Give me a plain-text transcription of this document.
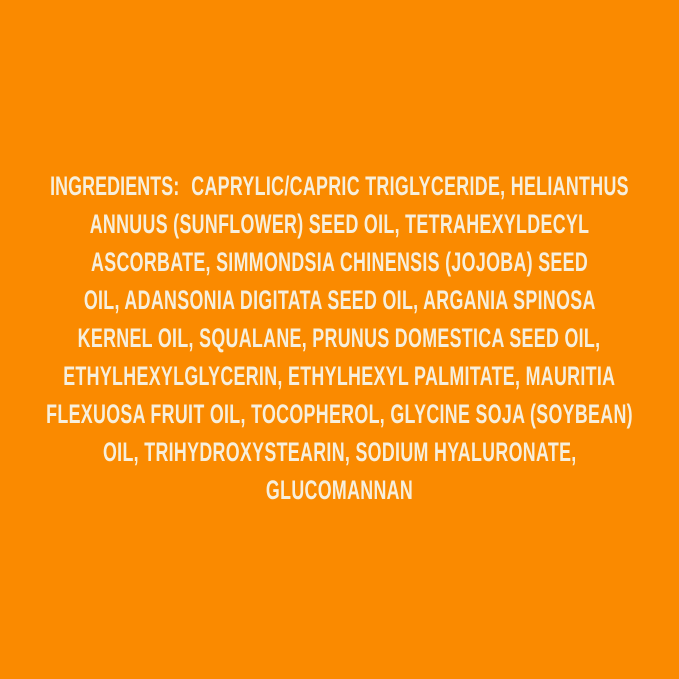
INGREDIENTS: CAPRYLIC/CAPRIC TRIGLYCERIDE, HELIANTHUS
ANNUUS (SUNFLOWER) SEED OIL, TETRAHEXYLDECYL
ASCORBATE, SIMMONDSIA CHINENSIS (JOJOBA) SEED
OIL, ADANSONIA DIGITATA SEED OIL, ARGANIA SPINOSA
KERNEL OIL, SQUALANE, PRUNUS DOMESTICA SEED OIL,
ETHYLHEXYLGLYCERIN, ETHYLHEXYL PALMITATE, MAURITIA
FLEXUOSA FRUIT OIL, TOCOPHEROL, GLYCINE SOJA (SOYBEAN)
OIL, TRIHYDROXYSTEARIN, SODIUM HYALURONATE,
GLUCOMANNAN
